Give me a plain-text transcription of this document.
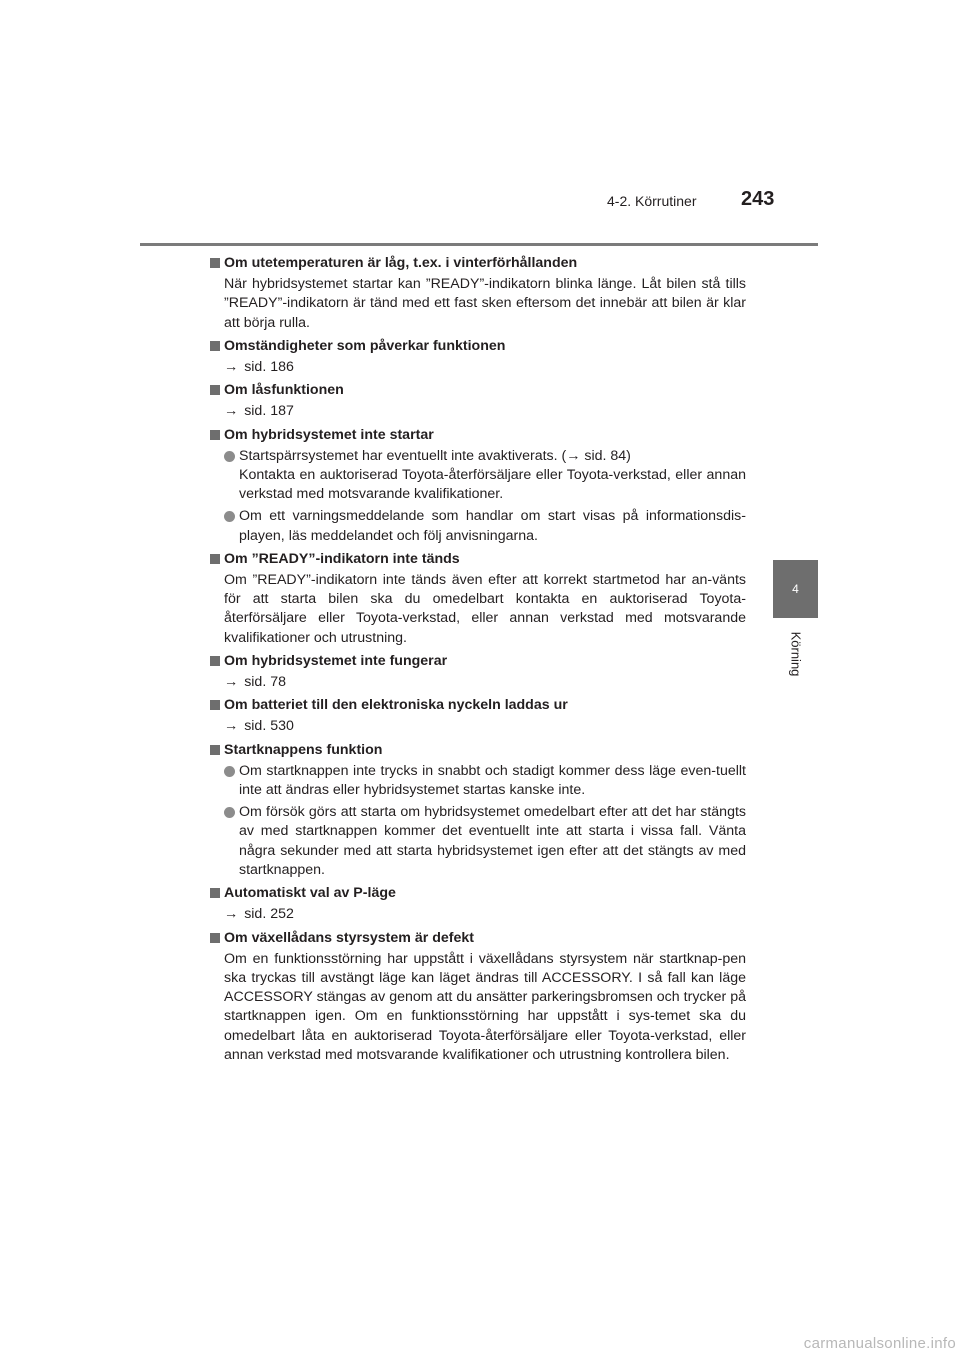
4-2. Körrutiner 243
4
Körning
Om utetemperaturen är låg, t.ex. i vinterförhållanden
När hybridsystemet startar kan ”READY”-indikatorn blinka länge. Låt bilen stå tills ”READY”-indikatorn är tänd med ett fast sken eftersom det innebär att bilen är klar att börja rulla.
Omständigheter som påverkar funktionen
→ sid. 186
Om låsfunktionen
→ sid. 187
Om hybridsystemet inte startar
Startspärrsystemet har eventuellt inte avaktiverats. (→ sid. 84)
Kontakta en auktoriserad Toyota-återförsäljare eller Toyota-verkstad, eller annan verkstad med motsvarande kvalifikationer.
Om ett varningsmeddelande som handlar om start visas på informationsdis-playen, läs meddelandet och följ anvisningarna.
Om ”READY”-indikatorn inte tänds
Om ”READY”-indikatorn inte tänds även efter att korrekt startmetod har an-vänts för att starta bilen ska du omedelbart kontakta en auktoriserad Toyota-återförsäljare eller Toyota-verkstad, eller annan verkstad med motsvarande kvalifikationer och utrustning.
Om hybridsystemet inte fungerar
→ sid. 78
Om batteriet till den elektroniska nyckeln laddas ur
→ sid. 530
Startknappens funktion
Om startknappen inte trycks in snabbt och stadigt kommer dess läge even-tuellt inte att ändras eller hybridsystemet startas kanske inte.
Om försök görs att starta om hybridsystemet omedelbart efter att det har stängts av med startknappen kommer det eventuellt inte att starta i vissa fall. Vänta några sekunder med att starta hybridsystemet igen efter att det stängts av med startknappen.
Automatiskt val av P-läge
→ sid. 252
Om växellådans styrsystem är defekt
Om en funktionsstörning har uppstått i växellådans styrsystem när startknap-pen ska tryckas till avstängt läge kan läget ändras till ACCESSORY. I så fall kan läge ACCESSORY stängas av genom att du ansätter parkeringsbromsen och trycker på startknappen igen. Om en funktionsstörning har uppstått i sys-temet ska du omedelbart låta en auktoriserad Toyota-återförsäljare eller Toyota-verkstad, eller annan verkstad med motsvarande kvalifikationer och utrustning kontrollera bilen.
carmanualsonline.info
